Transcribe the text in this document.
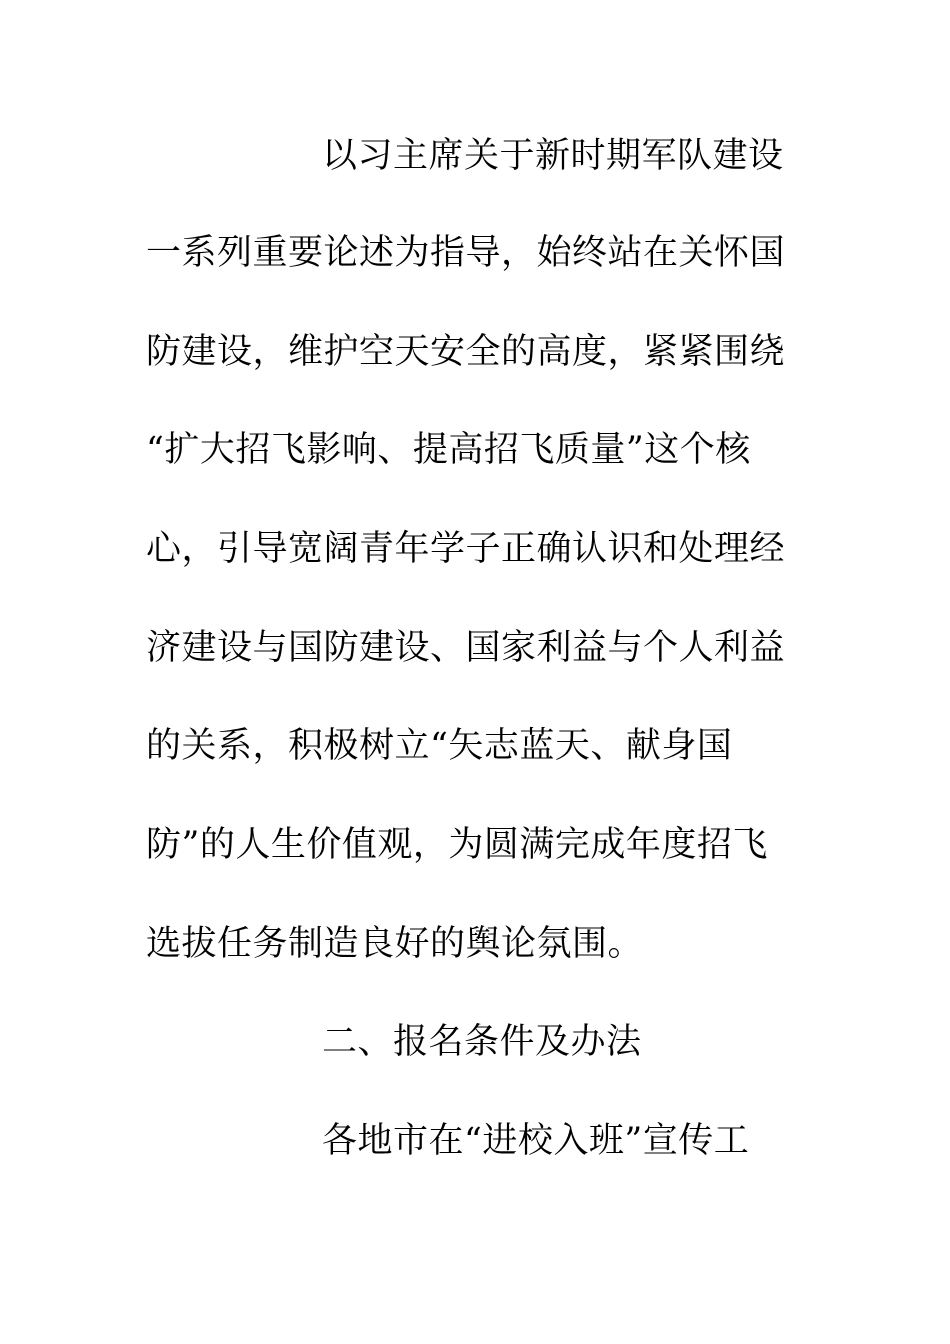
以习主席关于新时期军队建设
一系列重要论述为指导，始终站在关怀国
防建设，维护空天安全的高度，紧紧围绕
“扩大招飞影响、提高招飞质量”这个核
心，引导宽阔青年学子正确认识和处理经
济建设与国防建设、国家利益与个人利益
的关系，积极树立“矢志蓝天、献身国
防”的人生价值观，为圆满完成年度招飞
选拔任务制造良好的舆论氛围。
二、报名条件及办法
各地市在“进校入班”宣传工
